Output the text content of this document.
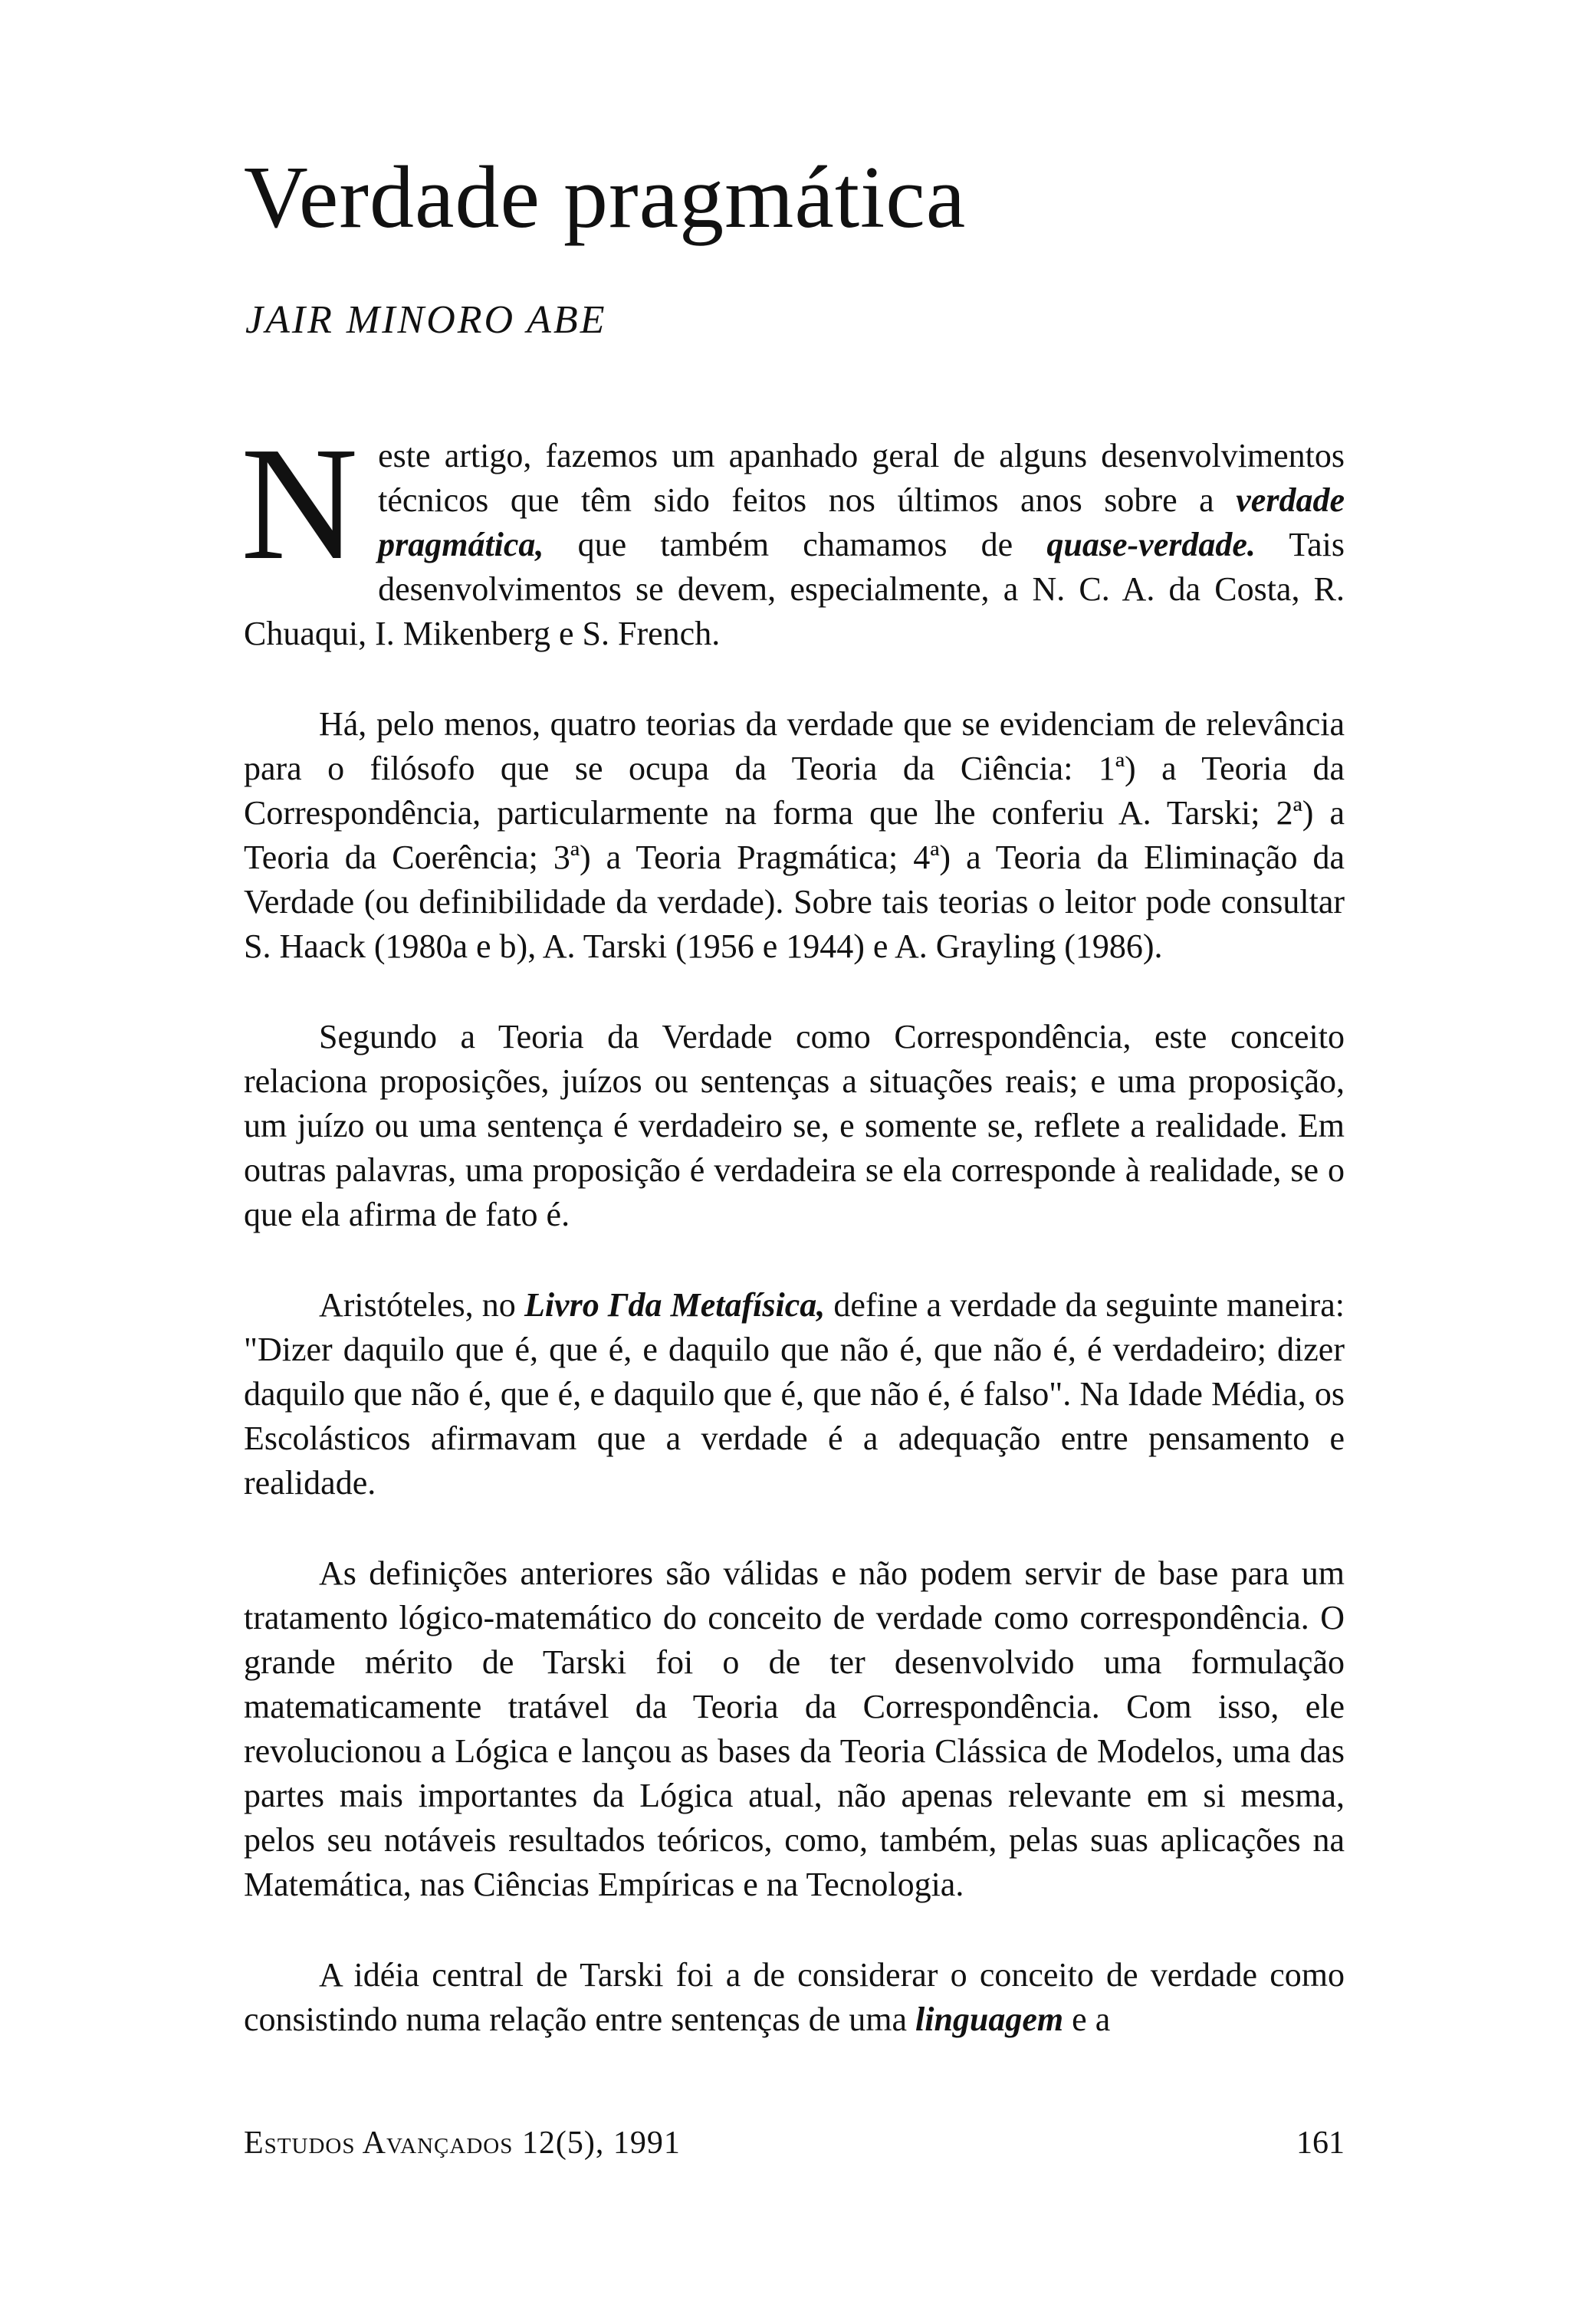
Verdade pragmática
JAIR MINORO ABE

Neste artigo, fazemos um apanhado geral de alguns desenvolvimentos técnicos que têm sido feitos nos últimos anos sobre a verdade pragmática, que também chamamos de quase-verdade. Tais desenvolvimentos se devem, especialmente, a N. C. A. da Costa, R. Chuaqui, I. Mikenberg e S. French.

Há, pelo menos, quatro teorias da verdade que se evidenciam de relevância para o filósofo que se ocupa da Teoria da Ciência: 1ª) a Teoria da Correspondência, particularmente na forma que lhe conferiu A. Tarski; 2ª) a Teoria da Coerência; 3ª) a Teoria Pragmática; 4ª) a Teoria da Eliminação da Verdade (ou definibilidade da verdade). Sobre tais teorias o leitor pode consultar S. Haack (1980a e b), A. Tarski (1956 e 1944) e A. Grayling (1986).

Segundo a Teoria da Verdade como Correspondência, este conceito relaciona proposições, juízos ou sentenças a situações reais; e uma proposição, um juízo ou uma sentença é verdadeiro se, e somente se, reflete a realidade. Em outras palavras, uma proposição é verdadeira se ela corresponde à realidade, se o que ela afirma de fato é.

Aristóteles, no Livro Γda Metafísica, define a verdade da seguinte maneira: "Dizer daquilo que é, que é, e daquilo que não é, que não é, é verdadeiro; dizer daquilo que não é, que é, e daquilo que é, que não é, é falso". Na Idade Média, os Escolásticos afirmavam que a verdade é a adequação entre pensamento e realidade.

As definições anteriores são válidas e não podem servir de base para um tratamento lógico-matemático do conceito de verdade como correspondência. O grande mérito de Tarski foi o de ter desenvolvido uma formulação matematicamente tratável da Teoria da Correspondência. Com isso, ele revolucionou a Lógica e lançou as bases da Teoria Clássica de Modelos, uma das partes mais importantes da Lógica atual, não apenas relevante em si mesma, pelos seu notáveis resultados teóricos, como, também, pelas suas aplicações na Matemática, nas Ciências Empíricas e na Tecnologia.

A idéia central de Tarski foi a de considerar o conceito de verdade como consistindo numa relação entre sentenças de uma linguagem e a

Estudos Avançados 12(5), 1991	161
